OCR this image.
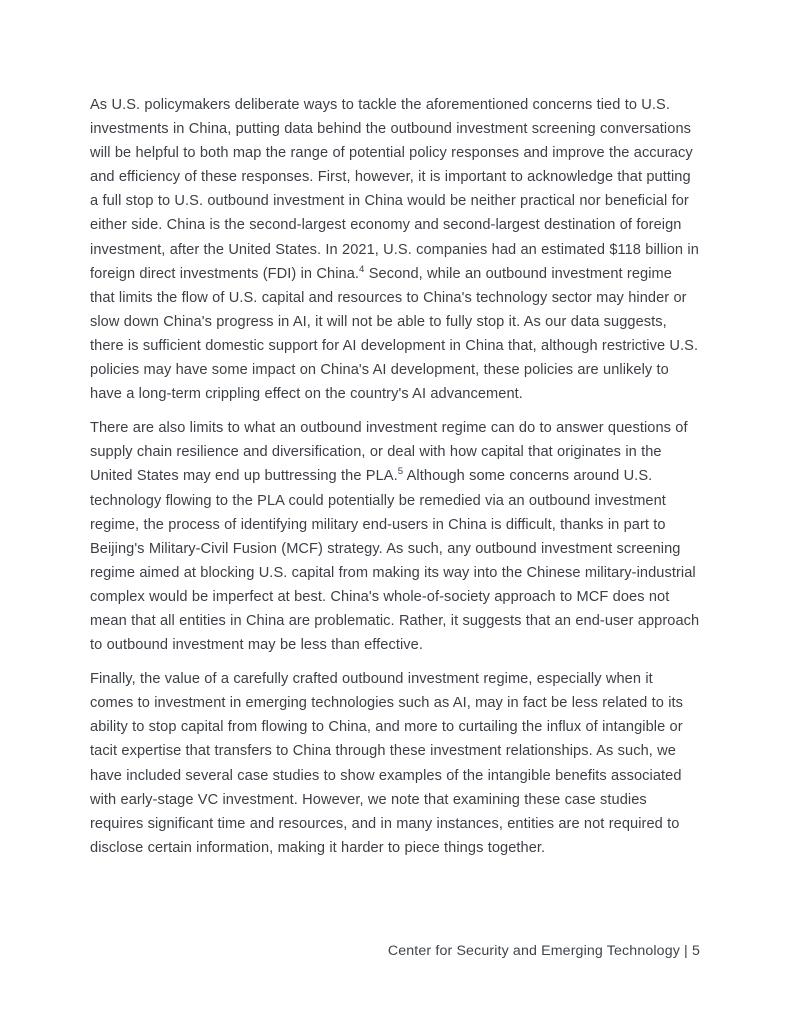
As U.S. policymakers deliberate ways to tackle the aforementioned concerns tied to U.S. investments in China, putting data behind the outbound investment screening conversations will be helpful to both map the range of potential policy responses and improve the accuracy and efficiency of these responses. First, however, it is important to acknowledge that putting a full stop to U.S. outbound investment in China would be neither practical nor beneficial for either side. China is the second-largest economy and second-largest destination of foreign investment, after the United States. In 2021, U.S. companies had an estimated $118 billion in foreign direct investments (FDI) in China.$^4$ Second, while an outbound investment regime that limits the flow of U.S. capital and resources to China's technology sector may hinder or slow down China's progress in AI, it will not be able to fully stop it. As our data suggests, there is sufficient domestic support for AI development in China that, although restrictive U.S. policies may have some impact on China's AI development, these policies are unlikely to have a long-term crippling effect on the country's AI advancement.

There are also limits to what an outbound investment regime can do to answer questions of supply chain resilience and diversification, or deal with how capital that originates in the United States may end up buttressing the PLA.$^5$ Although some concerns around U.S. technology flowing to the PLA could potentially be remedied via an outbound investment regime, the process of identifying military end-users in China is difficult, thanks in part to Beijing's Military-Civil Fusion (MCF) strategy. As such, any outbound investment screening regime aimed at blocking U.S. capital from making its way into the Chinese military-industrial complex would be imperfect at best. China's whole-of-society approach to MCF does not mean that all entities in China are problematic. Rather, it suggests that an end-user approach to outbound investment may be less than effective.

Finally, the value of a carefully crafted outbound investment regime, especially when it comes to investment in emerging technologies such as AI, may in fact be less related to its ability to stop capital from flowing to China, and more to curtailing the influx of intangible or tacit expertise that transfers to China through these investment relationships. As such, we have included several case studies to show examples of the intangible benefits associated with early-stage VC investment. However, we note that examining these case studies requires significant time and resources, and in many instances, entities are not required to disclose certain information, making it harder to piece things together.

Center for Security and Emerging Technology | 5
